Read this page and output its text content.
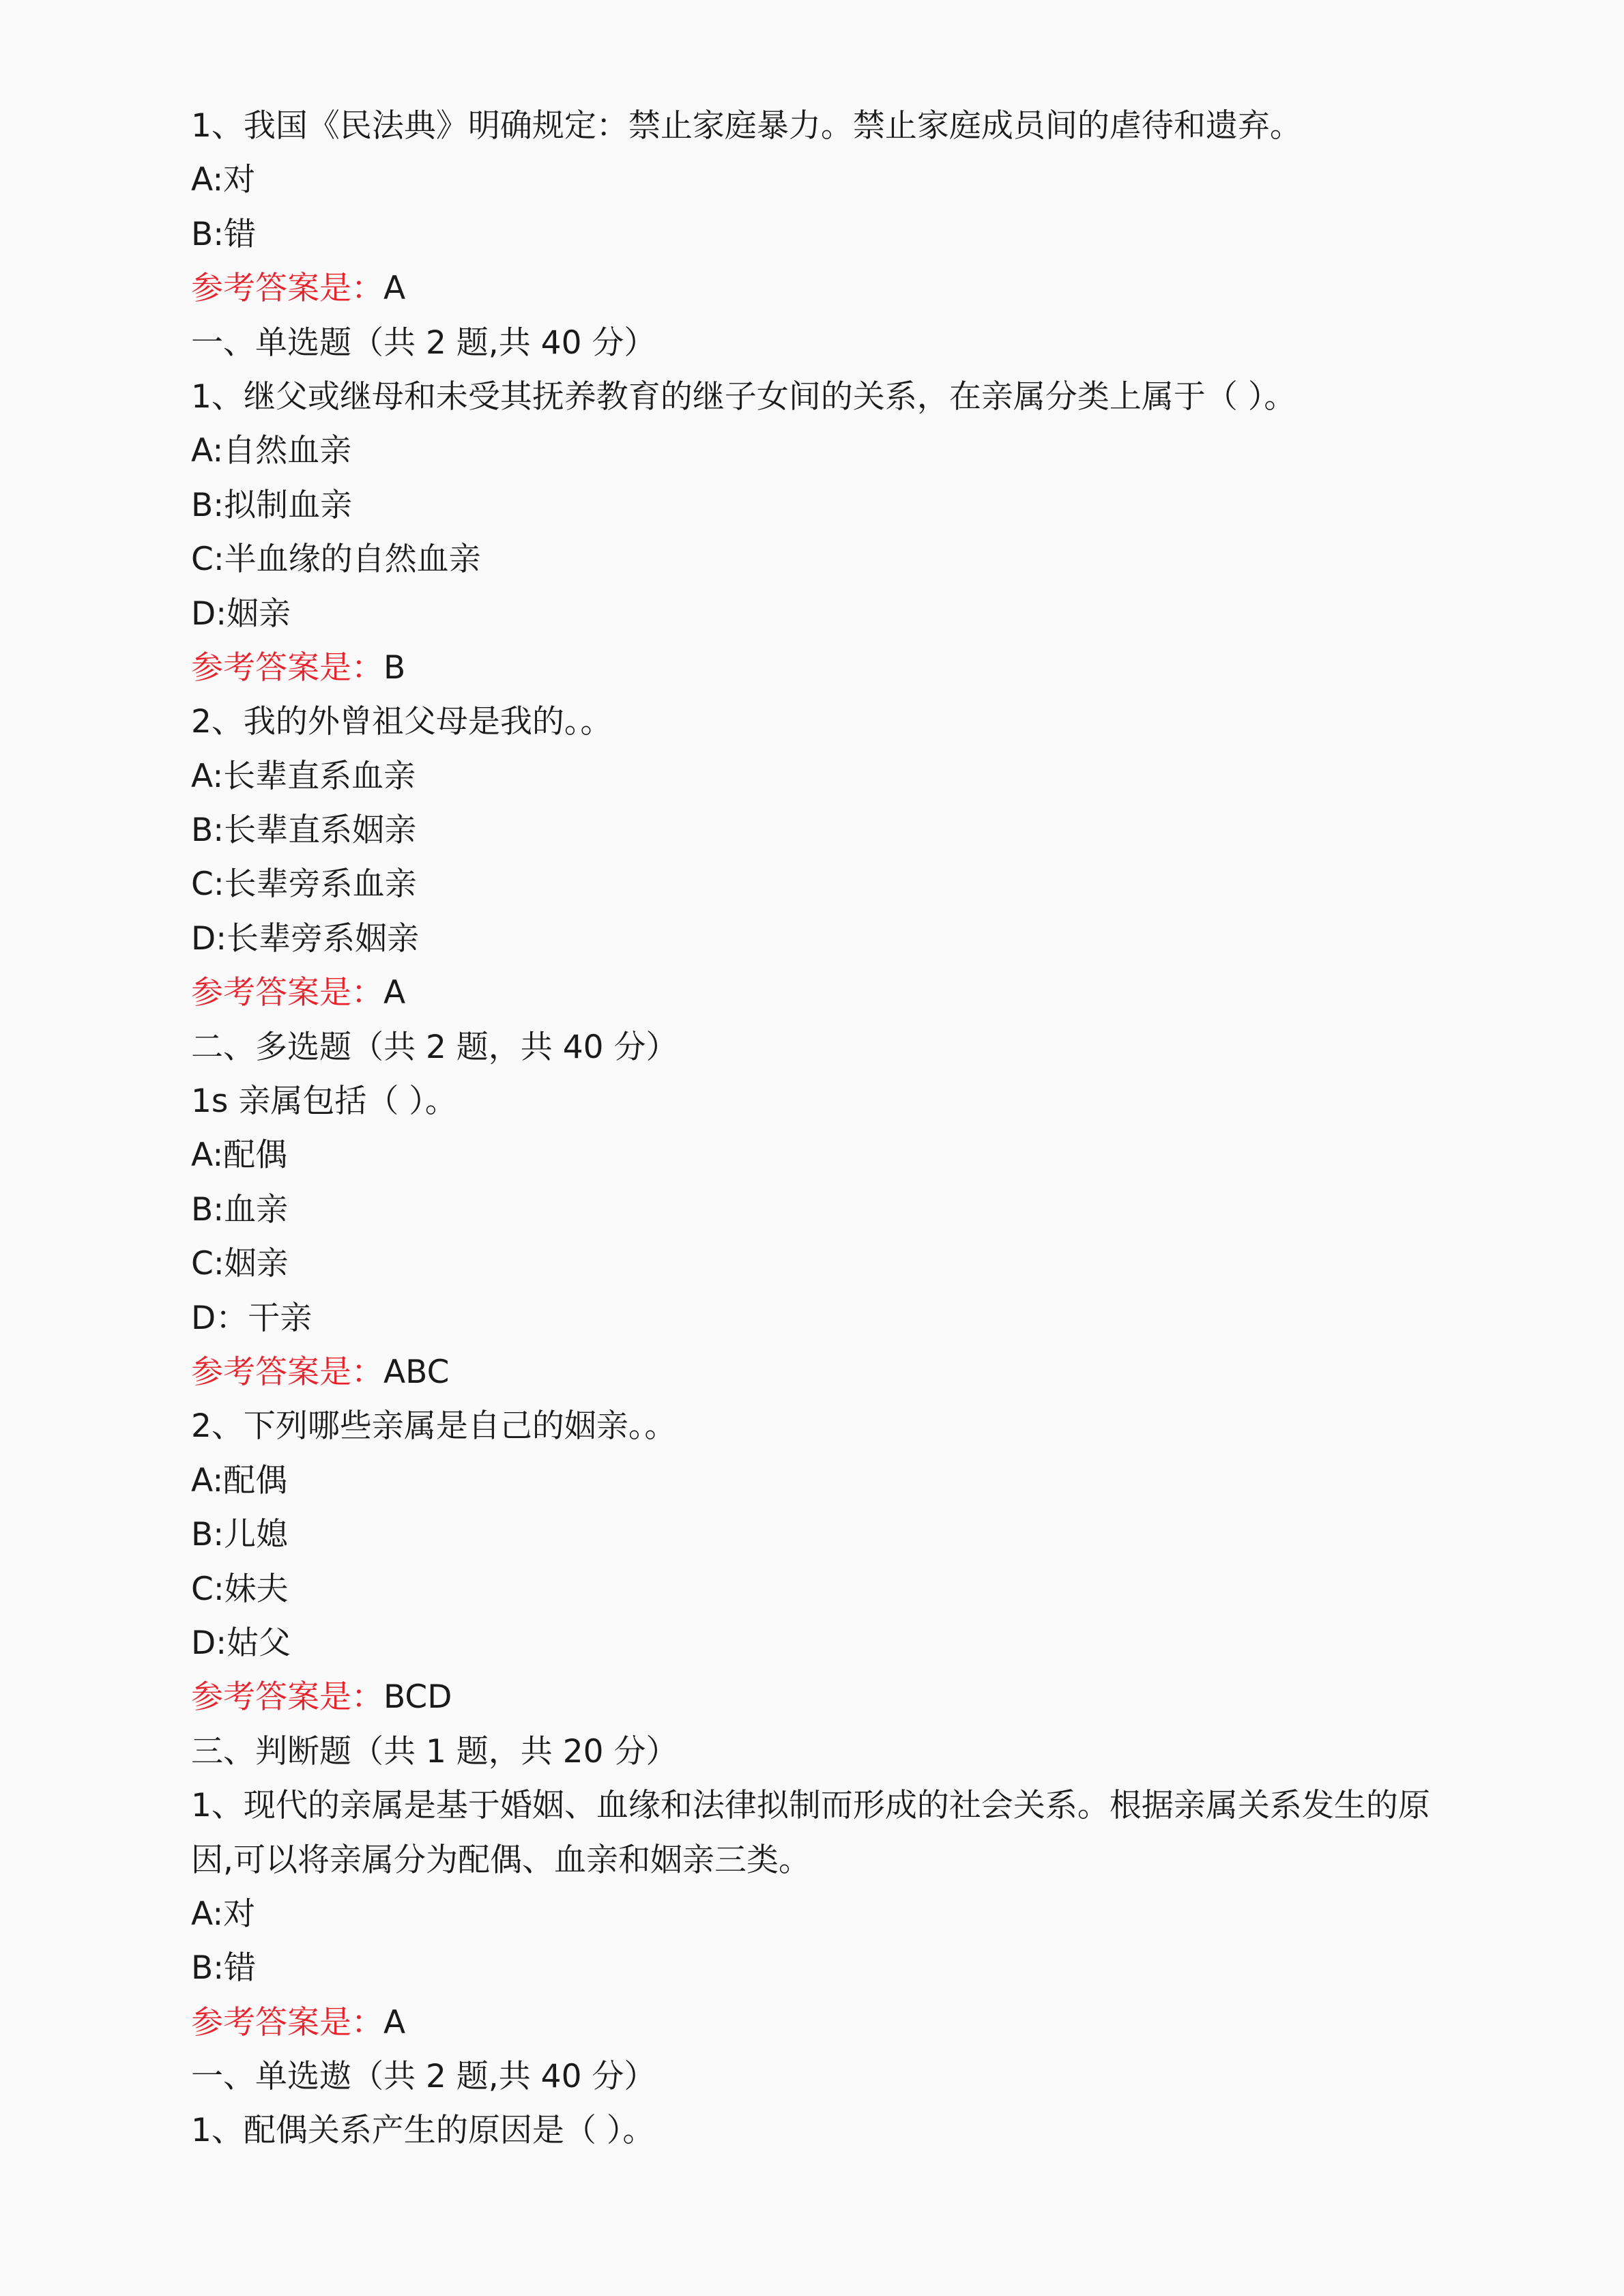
1、我国《民法典》明确规定：禁止家庭暴力。禁止家庭成员间的虐待和遗弃。

A:对

B:错

参考答案是：A

一、单选题（共 2 题,共 40 分）

1、继父或继母和未受其抚养教育的继子女间的关系，在亲属分类上属于（ ）。

A:自然血亲

B:拟制血亲

C:半血缘的自然血亲

D:姻亲

参考答案是：B

2、我的外曾祖父母是我的。。

A:长辈直系血亲

B:长辈直系姻亲

C:长辈旁系血亲

D:长辈旁系姻亲

参考答案是：A

二、多选题（共 2 题，共 40 分）

1s 亲属包括（ ）。

A:配偶

B:血亲

C:姻亲

D：干亲

参考答案是：ABC

2、下列哪些亲属是自己的姻亲。。

A:配偶

B:儿媳

C:妹夫

D:姑父

参考答案是：BCD

三、判断题（共 1 题，共 20 分）

1、现代的亲属是基于婚姻、血缘和法律拟制而形成的社会关系。根据亲属关系发生的原因,可以将亲属分为配偶、血亲和姻亲三类。

A:对

B:错

参考答案是：A

一、单选遨（共 2 题,共 40 分）

1、配偶关系产生的原因是（ ）。
